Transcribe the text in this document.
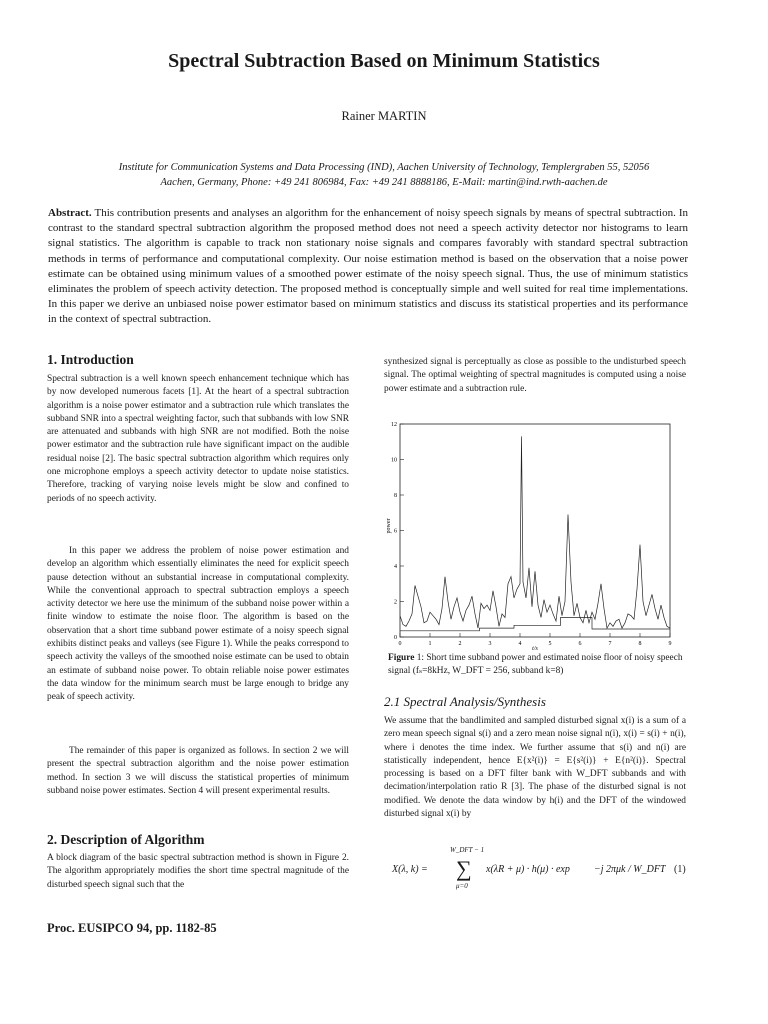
Spectral Subtraction Based on Minimum Statistics
Rainer MARTIN
Institute for Communication Systems and Data Processing (IND), Aachen University of Technology, Templergraben 55, 52056
Aachen, Germany, Phone: +49 241 806984, Fax: +49 241 8888186, E-Mail: martin@ind.rwth-aachen.de
Abstract. This contribution presents and analyses an algorithm for the enhancement of noisy speech signals by means of spectral subtraction. In contrast to the standard spectral subtraction algorithm the proposed method does not need a speech activity detector nor histograms to learn signal statistics. The algorithm is capable to track non stationary noise signals and compares favorably with standard spectral subtraction methods in terms of performance and computational complexity. Our noise estimation method is based on the observation that a noise power estimate can be obtained using minimum values of a smoothed power estimate of the noisy speech signal. Thus, the use of minimum statistics eliminates the problem of speech activity detection. The proposed method is conceptually simple and well suited for real time implementations. In this paper we derive an unbiased noise power estimator based on minimum statistics and discuss its statistical properties and its performance in the context of spectral subtraction.
1. Introduction

Spectral subtraction is a well known speech enhancement technique which has by now developed numerous facets [1]. At the heart of a spectral subtraction algorithm is a noise power estimator and a subtraction rule which translates the subband SNR into a spectral weighting factor, such that subbands with low SNR are attenuated and subbands with high SNR are not modified. Both the noise power estimator and the subtraction rule have significant impact on the audible residual noise [2]. The basic spectral subtraction algorithm which requires only one microphone employs a speech activity detector to update noise statistics. Therefore, tracking of varying noise levels might be slow and confined to periods of no speech activity.

In this paper we address the problem of noise power estimation and develop an algorithm which essentially eliminates the need for explicit speech pause detection without an substantial increase in computational complexity. While the conventional approach to spectral subtraction employs a speech activity detector we here use the minimum of the subband noise power within a finite window to estimate the noise floor. The algorithm is based on the observation that a short time subband power estimate of a noisy speech signal exhibits distinct peaks and valleys (see Figure 1). While the peaks correspond to speech activity the valleys of the smoothed noise estimate can be used to obtain an estimate of subband noise power. To obtain reliable noise power estimates the data window for the minimum search must be large enough to bridge any peak of speech activity.

The remainder of this paper is organized as follows. In section 2 we will present the spectral subtraction algorithm and the noise power estimation method. In section 3 we will discuss the statistical properties of minimum subband noise power estimates. Section 4 will present experimental results.

2. Description of Algorithm

A block diagram of the basic spectral subtraction method is shown in Figure 2. The algorithm appropriately modifies the short time spectral magnitude of the disturbed speech signal such that the

synthesized signal is perceptually as close as possible to the undisturbed speech signal. The optimal weighting of spectral magnitudes is computed using a noise power estimate and a subtraction rule.

0
2
4
6
8
10
12
0	1	2	3	4	5	6	7	8	9
power
t/s
Figure 1: Short time subband power and estimated noise floor of noisy speech signal (fₛ=8kHz, W_DFT = 256, subband k=8)
2.1 Spectral Analysis/Synthesis

We assume that the bandlimited and sampled disturbed signal x(i) is a sum of a zero mean speech signal s(i) and a zero mean noise signal n(i), x(i) = s(i) + n(i), where i denotes the time index. We further assume that s(i) and n(i) are statistically independent, hence E{x²(i)} = E{s²(i)} + E{n²(i)}. Spectral processing is based on a DFT filter bank with W_DFT subbands and with decimation/interpolation ratio R [3]. The phase of the disturbed signal is not modified. We denote the data window by h(i) and the DFT of the windowed disturbed signal x(i) by

X(λ, k) =
W_DFT − 1
∑
μ=0
x(λR + μ) · h(μ) · exp −j 2πμk / W_DFT (1)
Proc. EUSIPCO 94, pp. 1182-85
